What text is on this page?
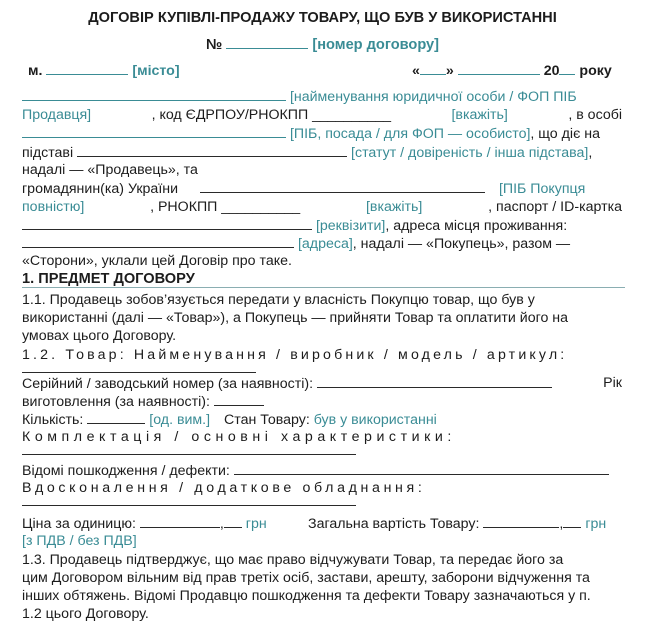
ДОГОВІР КУПІВЛІ-ПРОДАЖУ ТОВАРУ, ЩО БУВ У ВИКОРИСТАННІ
№	[номер договору]
м.	[місто]	« »	20 року
[найменування юридичної особи / ФОП ПІБ
Продавця]	, код ЄДРПОУ/РНОКПП __________	[вкажіть]	, в особі
[ПІБ, посада / для ФОП — особисто], що діє на
підставі	[статут / довіреність / інша підстава],
надалі — «Продавець», та
громадянин(ка) України	[ПІБ Покупця
повністю]	, РНОКПП __________	[вкажіть]	, паспорт / ID-картка
[реквізити], адреса місця проживання:
[адреса], надалі — «Покупець», разом —
«Сторони», уклали цей Договір про таке.
1. ПРЕДМЕТ ДОГОВОРУ
1.1. Продавець зобов’язується передати у власність Покупцю товар, що був у
використанні (далі — «Товар»), а Покупець — прийняти Товар та оплатити його на
умовах цього Договору.
1.2. Товар: Найменування / виробник / модель / артикул:
Серійний / заводський номер (за наявності):	Рік
виготовлення (за наявності):
Кількість:	[од. вим.] Стан Товару: був у використанні
Комплектація / основні характеристики:
Відомі пошкодження / дефекти:
Вдосконалення / додаткове обладнання:
Ціна за одиницю:	, грн	Загальна вартість Товару:	, грн
[з ПДВ / без ПДВ]
1.3. Продавець підтверджує, що має право відчужувати Товар, та передає його за
цим Договором вільним від прав третіх осіб, застави, арешту, заборони відчуження та
інших обтяжень. Відомі Продавцю пошкодження та дефекти Товару зазначаються у п.
1.2 цього Договору.
